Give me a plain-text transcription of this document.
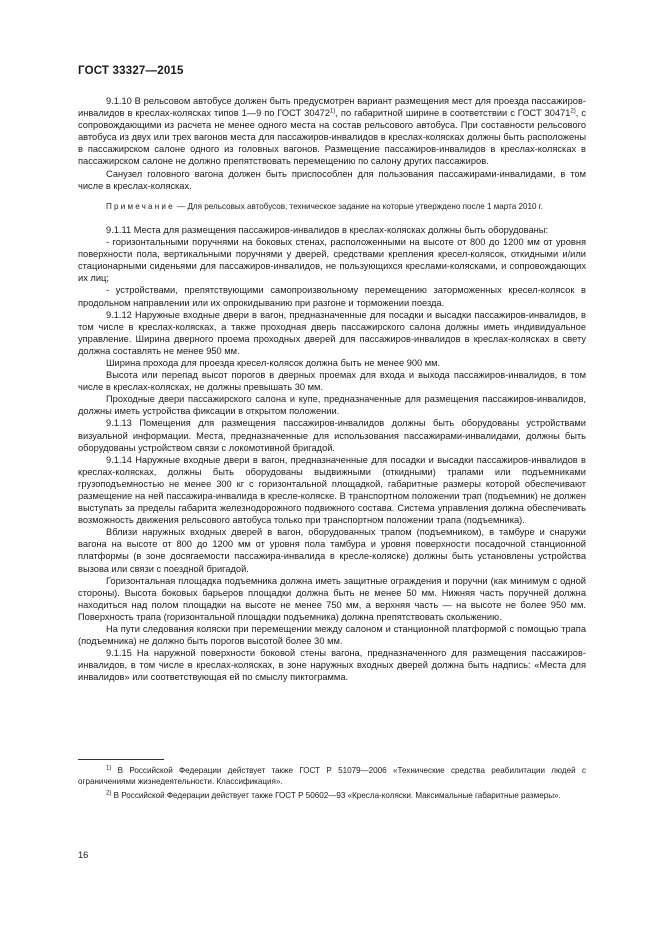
ГОСТ 33327—2015

9.1.10 В рельсовом автобусе должен быть предусмотрен вариант размещения мест для проезда пассажиров-инвалидов в креслах-колясках типов 1—9 по ГОСТ 30472$^{1)}$, по габаритной ширине в соответствии с ГОСТ 30471$^{2)}$, с сопровождающими из расчета не менее одного места на состав рельсового автобуса. При составности рельсового автобуса из двух или трех вагонов места для пассажиров-инвалидов в креслах-колясках должны быть расположены в пассажирском салоне одного из головных вагонов. Размещение пассажиров-инвалидов в креслах-колясках в пассажирском салоне не должно препятствовать перемещению по салону других пассажиров.

Санузел головного вагона должен быть приспособлен для пользования пассажирами-инвалидами, в том числе в креслах-колясках.

Примечание — Для рельсовых автобусов, техническое задание на которые утверждено после 1 марта 2010 г.

9.1.11 Места для размещения пассажиров-инвалидов в креслах-колясках должны быть оборудованы:

- горизонтальными поручнями на боковых стенах, расположенными на высоте от 800 до 1200 мм от уровня поверхности пола, вертикальными поручнями у дверей, средствами крепления кресел-колясок, откидными и/или стационарными сиденьями для пассажиров-инвалидов, не пользующихся креслами-колясками, и сопровождающих их лиц;

- устройствами, препятствующими самопроизвольному перемещению заторможенных кресел-колясок в продольном направлении или их опрокидыванию при разгоне и торможении поезда.

9.1.12 Наружные входные двери в вагон, предназначенные для посадки и высадки пассажиров-инвалидов, в том числе в креслах-колясках, а также проходная дверь пассажирского салона должны иметь индивидуальное управление. Ширина дверного проема проходных дверей для пассажиров-инвалидов в креслах-колясках в свету должна составлять не менее 950 мм.

Ширина прохода для проезда кресел-колясок должна быть не менее 900 мм.

Высота или перепад высот порогов в дверных проемах для входа и выхода пассажиров-инвалидов, в том числе в креслах-колясках, не должны превышать 30 мм.

Проходные двери пассажирского салона и купе, предназначенные для размещения пассажиров-инвалидов, должны иметь устройства фиксации в открытом положении.

9.1.13 Помещения для размещения пассажиров-инвалидов должны быть оборудованы устройствами визуальной информации. Места, предназначенные для использования пассажирами-инвалидами, должны быть оборудованы устройством связи с локомотивной бригадой.

9.1.14 Наружные входные двери в вагон, предназначенные для посадки и высадки пассажиров-инвалидов в креслах-колясках, должны быть оборудованы выдвижными (откидными) трапами или подъемниками грузоподъемностью не менее 300 кг с горизонтальной площадкой, габаритные размеры которой обеспечивают размещение на ней пассажира-инвалида в кресле-коляске. В транспортном положении трап (подъемник) не должен выступать за пределы габарита железнодорожного подвижного состава. Система управления должна обеспечивать возможность движения рельсового автобуса только при транспортном положении трапа (подъемника).

Вблизи наружных входных дверей в вагон, оборудованных трапом (подъемником), в тамбуре и снаружи вагона на высоте от 800 до 1200 мм от уровня пола тамбура и уровня поверхности посадочной станционной платформы (в зоне досягаемости пассажира-инвалида в кресле-коляске) должны быть установлены устройства вызова или связи с поездной бригадой.

Горизонтальная площадка подъемника должна иметь защитные ограждения и поручни (как минимум с одной стороны). Высота боковых барьеров площадки должна быть не менее 50 мм. Нижняя часть поручней должна находиться над полом площадки на высоте не менее 750 мм, а верхняя часть — на высоте не более 950 мм. Поверхность трапа (горизонтальной площадки подъемника) должна препятствовать скольжению.

На пути следования коляски при перемещении между салоном и станционной платформой с помощью трапа (подъемника) не должно быть порогов высотой более 30 мм.

9.1.15 На наружной поверхности боковой стены вагона, предназначенного для размещения пассажиров-инвалидов, в том числе в креслах-колясках, в зоне наружных входных дверей должна быть надпись: «Места для инвалидов» или соответствующая ей по смыслу пиктограмма.

$^{1)}$ В Российской Федерации действует также ГОСТ Р 51079—2006 «Технические средства реабилитации людей с ограничениями жизнедеятельности. Классификация».

$^{2)}$ В Российской Федерации действует также ГОСТ Р 50602—93 «Кресла-коляски. Максимальные габаритные размеры».

16
